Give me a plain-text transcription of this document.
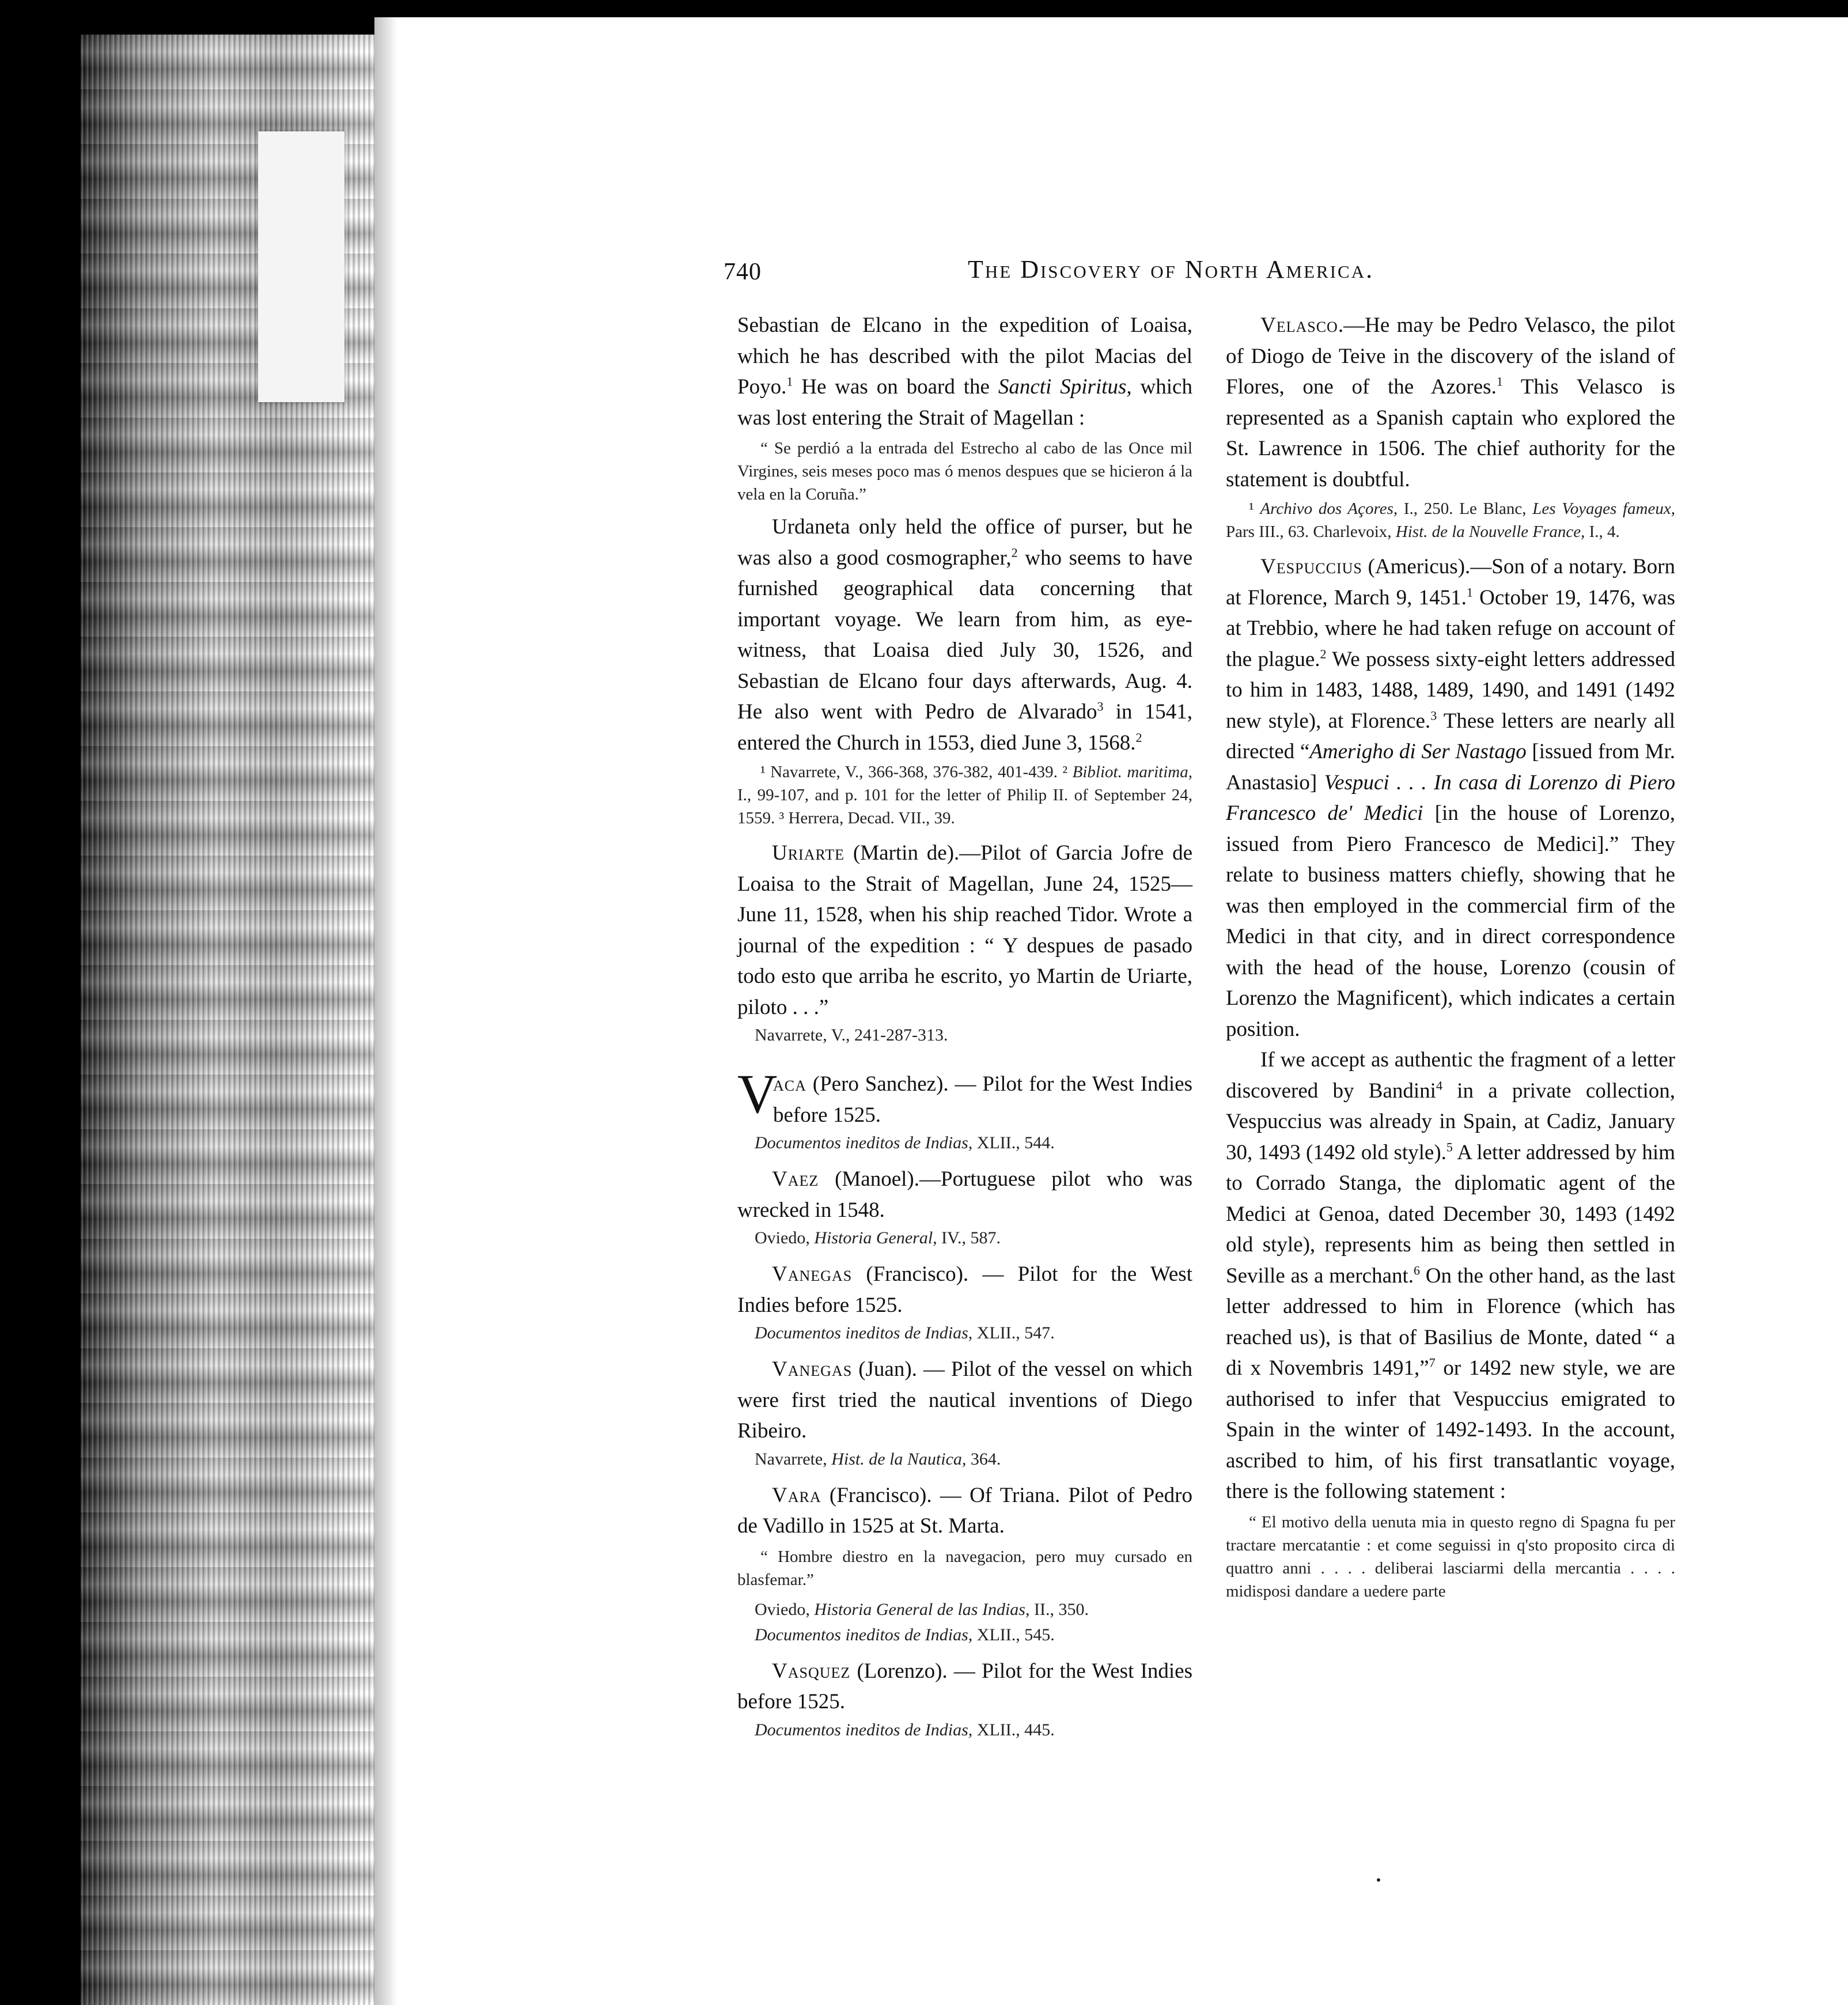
740	The Discovery of North America.

Sebastian de Elcano in the expedition of Loaisa, which he has described with the pilot Macias del Poyo.$^1$ He was on board the Sancti Spiritus, which was lost entering the Strait of Magellan :

“ Se perdió a la entrada del Estrecho al cabo de las Once mil Virgines, seis meses poco mas ó menos despues que se hicieron á la vela en la Coruña.”

Urdaneta only held the office of purser, but he was also a good cosmographer,$^2$ who seems to have furnished geographical data concerning that important voyage. We learn from him, as eye-witness, that Loaisa died July 30, 1526, and Sebastian de Elcano four days afterwards, Aug. 4. He also went with Pedro de Alvarado$^3$ in 1541, entered the Church in 1553, died June 3, 1568.$^2$

¹ Navarrete, V., 366-368, 376-382, 401-439. ² Bibliot. maritima, I., 99-107, and p. 101 for the letter of Philip II. of September 24, 1559. ³ Herrera, Decad. VII., 39.

Uriarte (Martin de).—Pilot of Garcia Jofre de Loaisa to the Strait of Magellan, June 24, 1525—June 11, 1528, when his ship reached Tidor. Wrote a journal of the expedition : “ Y despues de pasado todo esto que arriba he escrito, yo Martin de Uriarte, piloto . . .”

Navarrete, V., 241-287-313.
V

aca (Pero Sanchez). — Pilot for the West Indies before 1525.

Documentos ineditos de Indias, XLII., 544.

Vaez (Manoel).—Portuguese pilot who was wrecked in 1548.

Oviedo, Historia General, IV., 587.

Vanegas (Francisco). — Pilot for the West Indies before 1525.

Documentos ineditos de Indias, XLII., 547.

Vanegas (Juan). — Pilot of the vessel on which were first tried the nautical inventions of Diego Ribeiro.

Navarrete, Hist. de la Nautica, 364.

Vara (Francisco). — Of Triana. Pilot of Pedro de Vadillo in 1525 at St. Marta.

“ Hombre diestro en la navegacion, pero muy cursado en blasfemar.”
Oviedo, Historia General de las Indias, II., 350.
Documentos ineditos de Indias, XLII., 545.

Vasquez (Lorenzo). — Pilot for the West Indies before 1525.

Documentos ineditos de Indias, XLII., 445.

Velasco.—He may be Pedro Velasco, the pilot of Diogo de Teive in the discovery of the island of Flores, one of the Azores.$^1$ This Velasco is represented as a Spanish captain who explored the St. Lawrence in 1506. The chief authority for the statement is doubtful.

¹ Archivo dos Açores, I., 250. Le Blanc, Les Voyages fameux, Pars III., 63. Charlevoix, Hist. de la Nouvelle France, I., 4.

Vespuccius (Americus).—Son of a notary. Born at Florence, March 9, 1451.$^1$ October 19, 1476, was at Trebbio, where he had taken refuge on account of the plague.$^2$ We possess sixty-eight letters addressed to him in 1483, 1488, 1489, 1490, and 1491 (1492 new style), at Florence.$^3$ These letters are nearly all directed “Amerigho di Ser Nastago [issued from Mr. Anastasio] Vespuci . . . In casa di Lorenzo di Piero Francesco de' Medici [in the house of Lorenzo, issued from Piero Francesco de Medici].” They relate to business matters chiefly, showing that he was then employed in the commercial firm of the Medici in that city, and in direct correspondence with the head of the house, Lorenzo (cousin of Lorenzo the Magnificent), which indicates a certain position.

If we accept as authentic the fragment of a letter discovered by Bandini$^4$ in a private collection, Vespuccius was already in Spain, at Cadiz, January 30, 1493 (1492 old style).$^5$ A letter addressed by him to Corrado Stanga, the diplomatic agent of the Medici at Genoa, dated December 30, 1493 (1492 old style), represents him as being then settled in Seville as a merchant.$^6$ On the other hand, as the last letter addressed to him in Florence (which has reached us), is that of Basilius de Monte, dated “ a di x Novembris 1491,”$^7$ or 1492 new style, we are authorised to infer that Vespuccius emigrated to Spain in the winter of 1492-1493. In the account, ascribed to him, of his first transatlantic voyage, there is the following statement :

“ El motivo della uenuta mia in questo regno di Spagna fu per tractare mercatantie : et come seguissi in q'sto proposito circa di quattro anni . . . . deliberai lasciarmi della mercantia . . . . midisposi dandare a uedere parte
